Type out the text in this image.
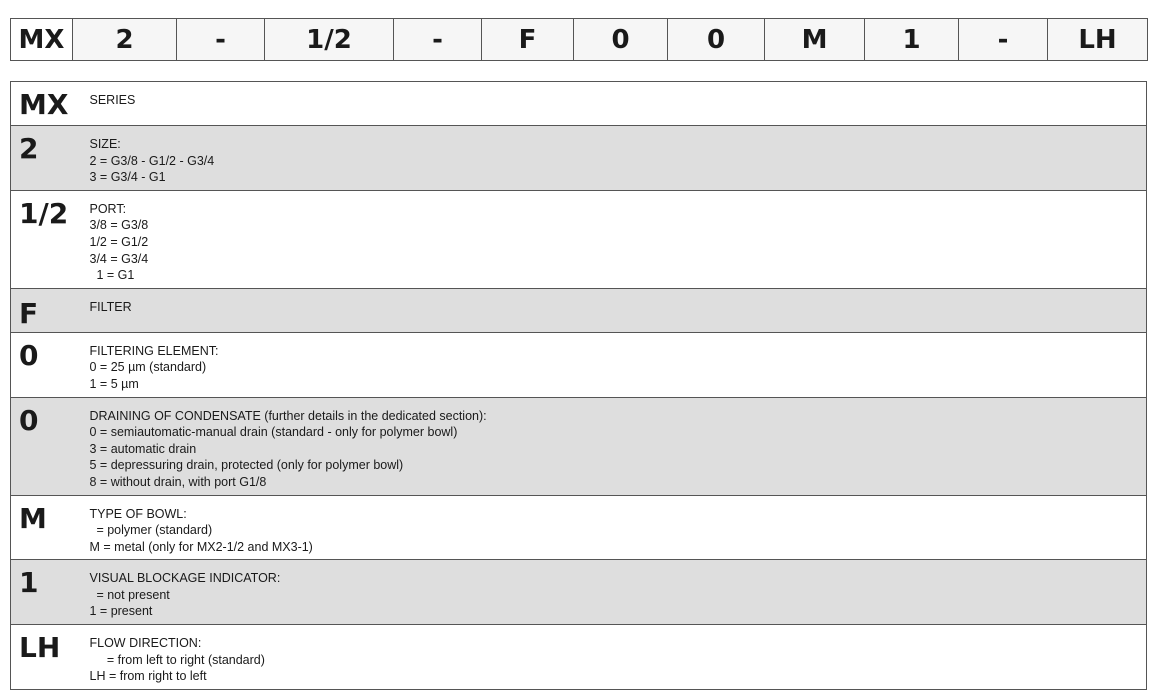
MX	2	-	1/2	-	F	0	0	M	1	-	LH
MX	SERIES

2	SIZE:
2 = G3/8 - G1/2 - G3/4
3 = G3/4 - G1

1/2	PORT:
3/8 = G3/8
1/2 = G1/2
3/4 = G3/4
1 = G1

F	FILTER

0	FILTERING ELEMENT:
0 = 25 µm (standard)
1 = 5 µm

0	DRAINING OF CONDENSATE (further details in the dedicated section):
0 = semiautomatic-manual drain (standard - only for polymer bowl)
3 = automatic drain
5 = depressuring drain, protected (only for polymer bowl)
8 = without drain, with port G1/8

M	TYPE OF BOWL:
= polymer (standard)
M = metal (only for MX2-1/2 and MX3-1)

1	VISUAL BLOCKAGE INDICATOR:
= not present
1 = present

LH	FLOW DIRECTION:
= from left to right (standard)
LH = from right to left
